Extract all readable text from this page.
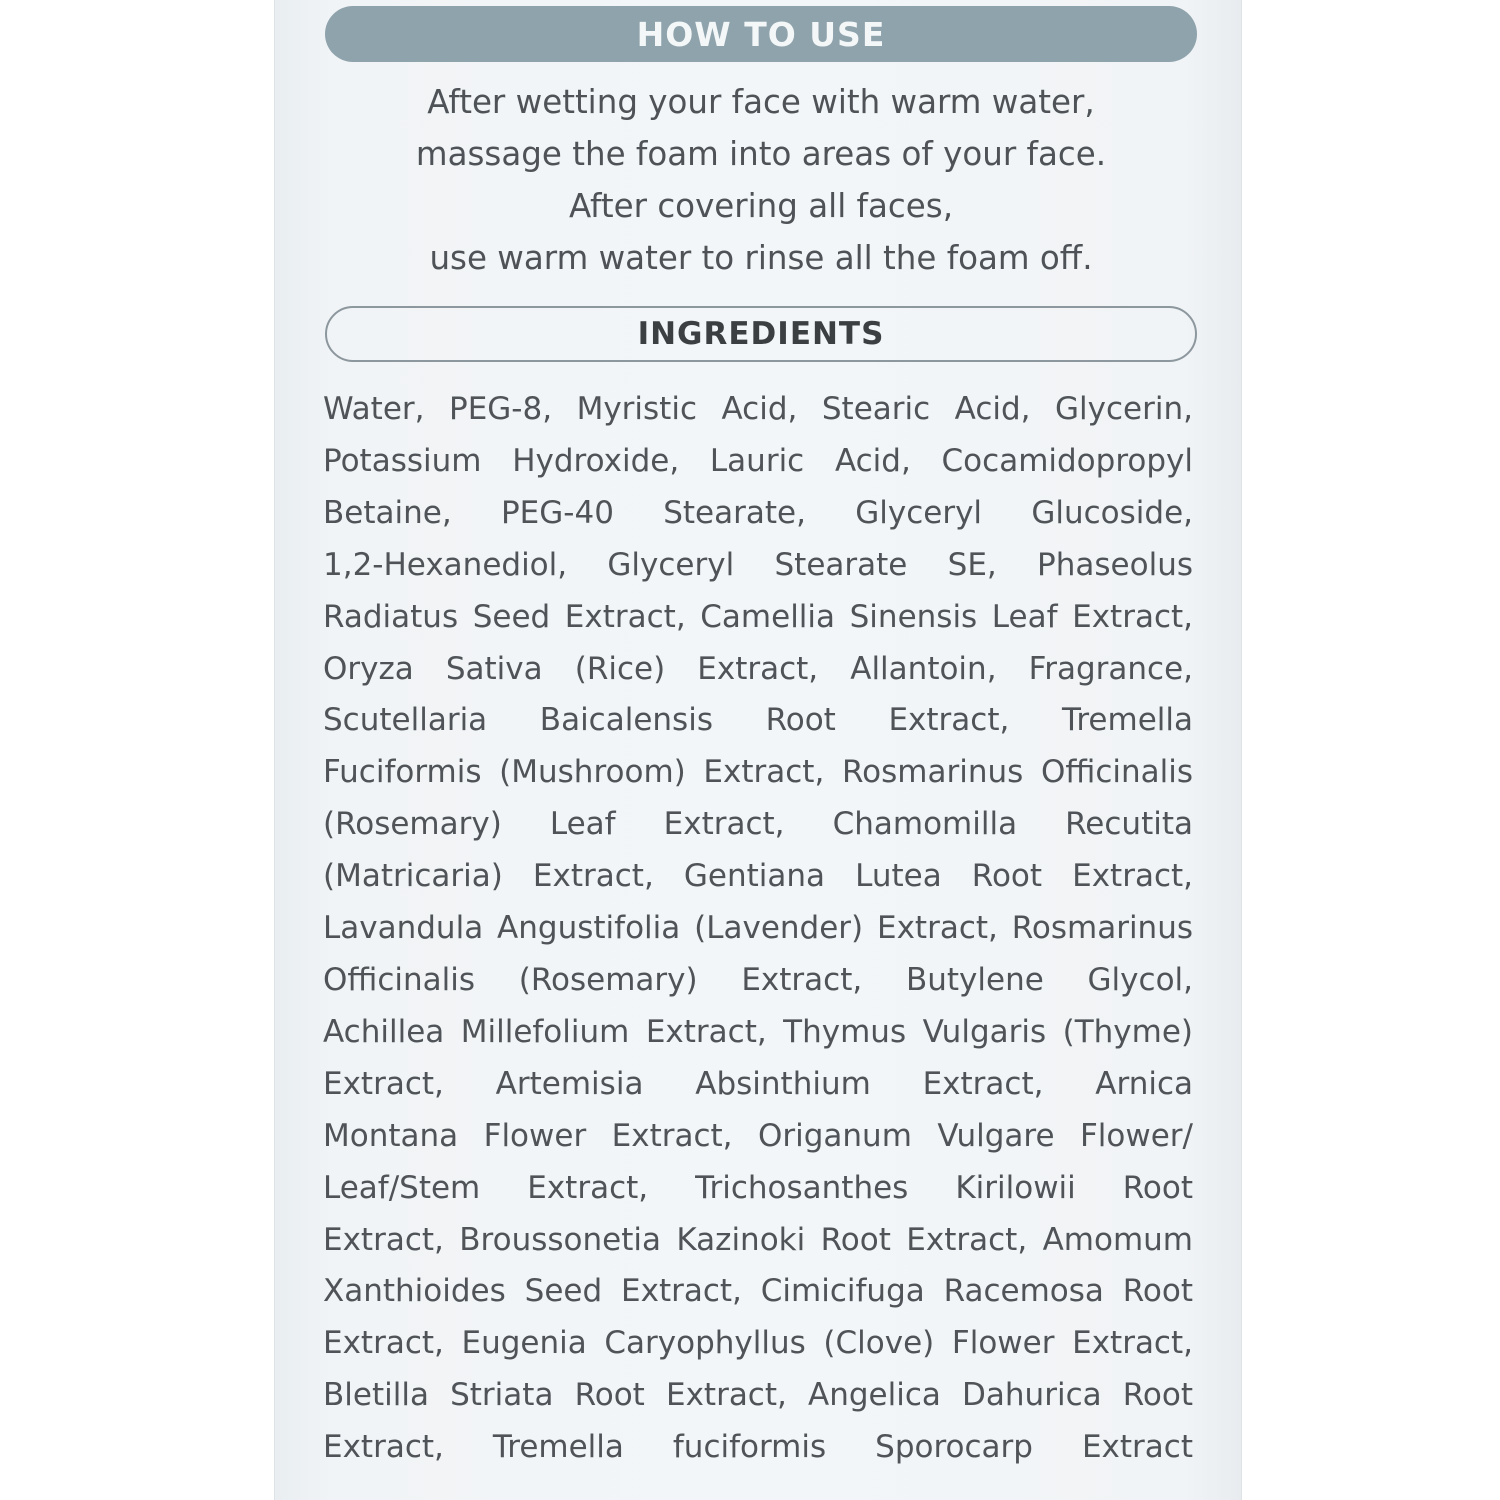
HOW TO USE
After wetting your face with warm water,
massage the foam into areas of your face.
After covering all faces,
use warm water to rinse all the foam off.
INGREDIENTS
Water, PEG-8, Myristic Acid, Stearic Acid, Glycerin,
Potassium Hydroxide, Lauric Acid, Cocamidopropyl
Betaine, PEG-40 Stearate, Glyceryl Glucoside,
1,2-Hexanediol, Glyceryl Stearate SE, Phaseolus
Radiatus Seed Extract, Camellia Sinensis Leaf Extract,
Oryza Sativa (Rice) Extract, Allantoin, Fragrance,
Scutellaria Baicalensis Root Extract, Tremella
Fuciformis (Mushroom) Extract, Rosmarinus Officinalis
(Rosemary) Leaf Extract, Chamomilla Recutita
(Matricaria) Extract, Gentiana Lutea Root Extract,
Lavandula Angustifolia (Lavender) Extract, Rosmarinus
Officinalis (Rosemary) Extract, Butylene Glycol,
Achillea Millefolium Extract, Thymus Vulgaris (Thyme)
Extract, Artemisia Absinthium Extract, Arnica
Montana Flower Extract, Origanum Vulgare Flower/
Leaf/Stem Extract, Trichosanthes Kirilowii Root
Extract, Broussonetia Kazinoki Root Extract, Amomum
Xanthioides Seed Extract, Cimicifuga Racemosa Root
Extract, Eugenia Caryophyllus (Clove) Flower Extract,
Bletilla Striata Root Extract, Angelica Dahurica Root
Extract, Tremella fuciformis Sporocarp Extract
